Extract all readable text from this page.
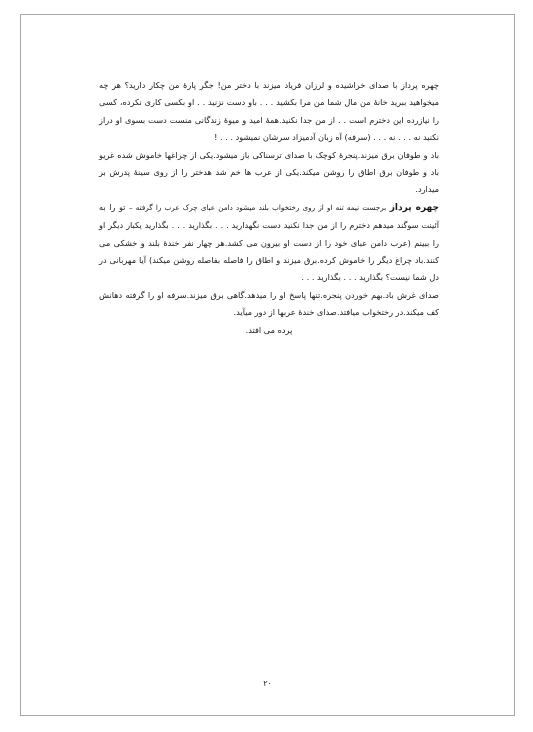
چهره پرداز با صدای خراشیده و لرزان فریاد میزند با دختر من! جگر پارهٔ من چکار دارید؟ هر چه میخواهید ببرید خانهٔ من مال شما من مرا بکشید . . . باو دست نزنید . . او بکسی کاری نکرده، کسی را نیازرده این دخترم است . . از من جدا نکنید.همهٔ امید و میوهٔ زندگانی منست دست بسوی او دراز نکنید نه . . . نه . . . (سرفه) آه زبان آدمیزاد سرشان نمیشود . . . !

باد و طوفان برق میزند.پنجرهٔ کوچک با صدای ترسناکی باز میشود.یکی از چراغها خاموش شده غریو باد و طوفان برق اطاق را روشن میکند.یکی از عرب ها خم شد هدختر را از روی سینهٔ پدرش بر میدارد.

چهره پرداز برجست نیمه تنه او از روی رختخواب بلند میشود دامن عبای چرک عرب را گرفته – تو را به آئینت سوگند میدهم دخترم را از من جدا نکنید دست نگهدارید . . . بگذارید . . . بگذارید یکبار دیگر او را ببینم (عرب دامن عبای خود را از دست او بیرون می کشد.هر چهار نفر خندهٔ بلند و خشکی می کنند.باد چراغ دیگر را خاموش کرده.برق میزند و اطاق را فاصله بفاصله روشن میکند) آیا مهربانی در دل شما نیست؟ بگذارید . . . بگذارید . . .

صدای غرش باد.بهم خوردن پنجره.تنها پاسخ او را میدهد.گاهی برق میزند.سرفه او را گرفته دهانش کف میکند.در رختخواب میافتد.صدای خندهٔ عربها از دور میآید.

پرده می افتد.

۲۰
